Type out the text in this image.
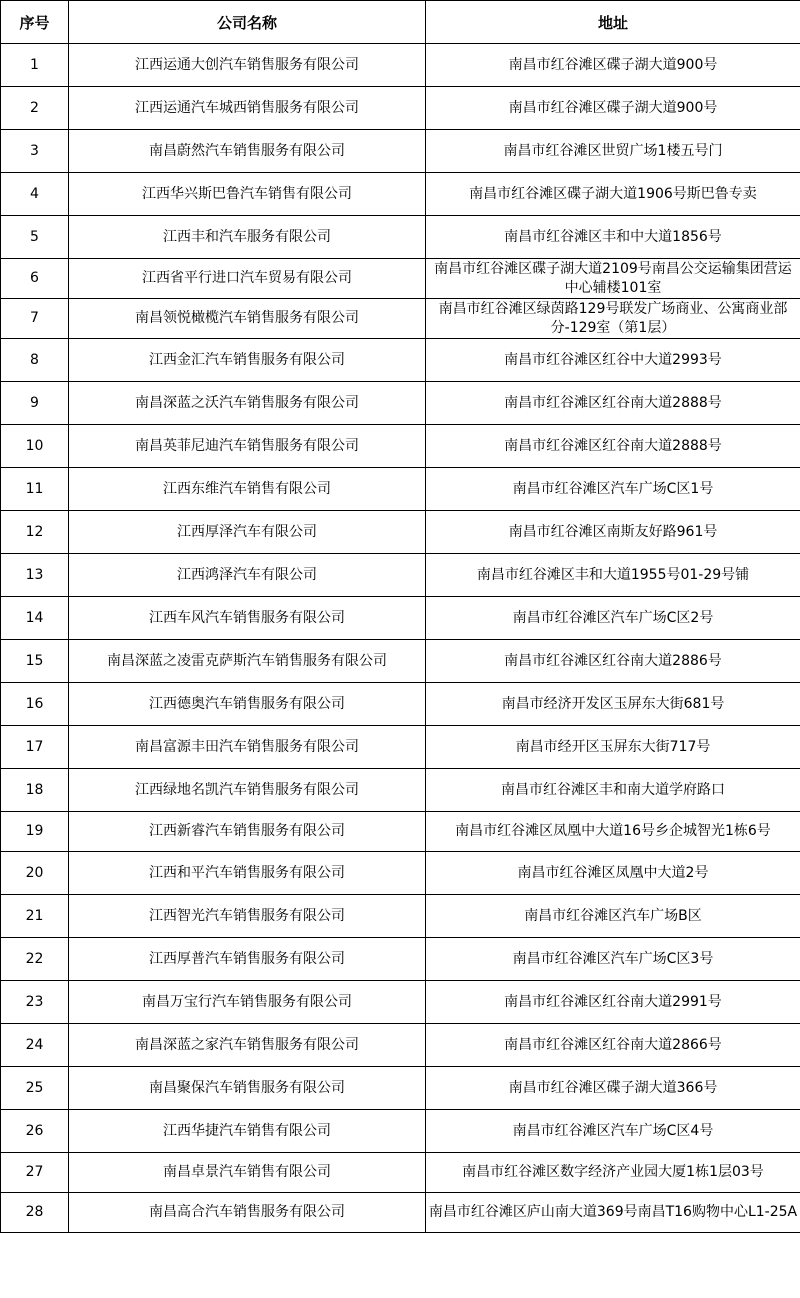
序号	公司名称	地址
1	江西运通大创汽车销售服务有限公司	南昌市红谷滩区碟子湖大道900号
2	江西运通汽车城西销售服务有限公司	南昌市红谷滩区碟子湖大道900号
3	南昌蔚然汽车销售服务有限公司	南昌市红谷滩区世贸广场1楼五号门
4	江西华兴斯巴鲁汽车销售有限公司	南昌市红谷滩区碟子湖大道1906号斯巴鲁专卖
5	江西丰和汽车服务有限公司	南昌市红谷滩区丰和中大道1856号
6	江西省平行进口汽车贸易有限公司	南昌市红谷滩区碟子湖大道2109号南昌公交运输集团营运中心辅楼101室
7	南昌领悦橄榄汽车销售服务有限公司	南昌市红谷滩区绿茵路129号联发广场商业、公寓商业部分-129室（第1层）
8	江西金汇汽车销售服务有限公司	南昌市红谷滩区红谷中大道2993号
9	南昌深蓝之沃汽车销售服务有限公司	南昌市红谷滩区红谷南大道2888号
10	南昌英菲尼迪汽车销售服务有限公司	南昌市红谷滩区红谷南大道2888号
11	江西东维汽车销售有限公司	南昌市红谷滩区汽车广场C区1号
12	江西厚泽汽车有限公司	南昌市红谷滩区南斯友好路961号
13	江西鸿泽汽车有限公司	南昌市红谷滩区丰和大道1955号01-29号铺
14	江西车风汽车销售服务有限公司	南昌市红谷滩区汽车广场C区2号
15	南昌深蓝之凌雷克萨斯汽车销售服务有限公司	南昌市红谷滩区红谷南大道2886号
16	江西德奥汽车销售服务有限公司	南昌市经济开发区玉屏东大街681号
17	南昌富源丰田汽车销售服务有限公司	南昌市经开区玉屏东大街717号
18	江西绿地名凯汽车销售服务有限公司	南昌市红谷滩区丰和南大道学府路口
19	江西新睿汽车销售服务有限公司	南昌市红谷滩区凤凰中大道16号乡企城智光1栋6号
20	江西和平汽车销售服务有限公司	南昌市红谷滩区凤凰中大道2号
21	江西智光汽车销售服务有限公司	南昌市红谷滩区汽车广场B区
22	江西厚普汽车销售服务有限公司	南昌市红谷滩区汽车广场C区3号
23	南昌万宝行汽车销售服务有限公司	南昌市红谷滩区红谷南大道2991号
24	南昌深蓝之家汽车销售服务有限公司	南昌市红谷滩区红谷南大道2866号
25	南昌聚保汽车销售服务有限公司	南昌市红谷滩区碟子湖大道366号
26	江西华捷汽车销售有限公司	南昌市红谷滩区汽车广场C区4号
27	南昌卓景汽车销售有限公司	南昌市红谷滩区数字经济产业园大厦1栋1层03号
28	南昌高合汽车销售服务有限公司	南昌市红谷滩区庐山南大道369号南昌T16购物中心L1-25A
